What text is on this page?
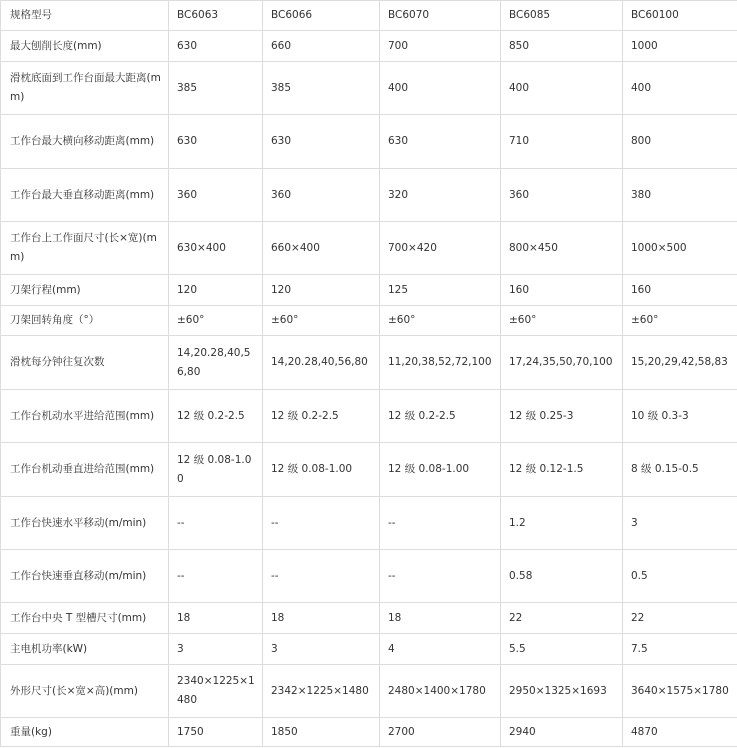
规格型号	BC6063	BC6066	BC6070	BC6085	BC60100
最大刨削长度(mm)	630	660	700	850	1000
滑枕底面到工作台面最大距离(mm)	385	385	400	400	400
工作台最大横向移动距离(mm)	630	630	630	710	800
工作台最大垂直移动距离(mm)	360	360	320	360	380
工作台上工作面尺寸(长×宽)(mm)	630×400	660×400	700×420	800×450	1000×500
刀架行程(mm)	120	120	125	160	160
刀架回转角度（°）	±60°	±60°	±60°	±60°	±60°
滑枕每分钟往复次数	14,20.28,40,56,80	14,20.28,40,56,80	11,20,38,52,72,100	17,24,35,50,70,100	15,20,29,42,58,83
工作台机动水平进给范围(mm)	12 级 0.2-2.5	12 级 0.2-2.5	12 级 0.2-2.5	12 级 0.25-3	10 级 0.3-3
工作台机动垂直进给范围(mm)	12 级 0.08-1.00	12 级 0.08-1.00	12 级 0.08-1.00	12 级 0.12-1.5	8 级 0.15-0.5
工作台快速水平移动(m/min)	--	--	--	1.2	3
工作台快速垂直移动(m/min)	--	--	--	0.58	0.5
工作台中央 T 型槽尺寸(mm)	18	18	18	22	22
主电机功率(kW)	3	3	4	5.5	7.5
外形尺寸(长×宽×高)(mm)	2340×1225×1480	2342×1225×1480	2480×1400×1780	2950×1325×1693	3640×1575×1780
重量(kg)	1750	1850	2700	2940	4870
